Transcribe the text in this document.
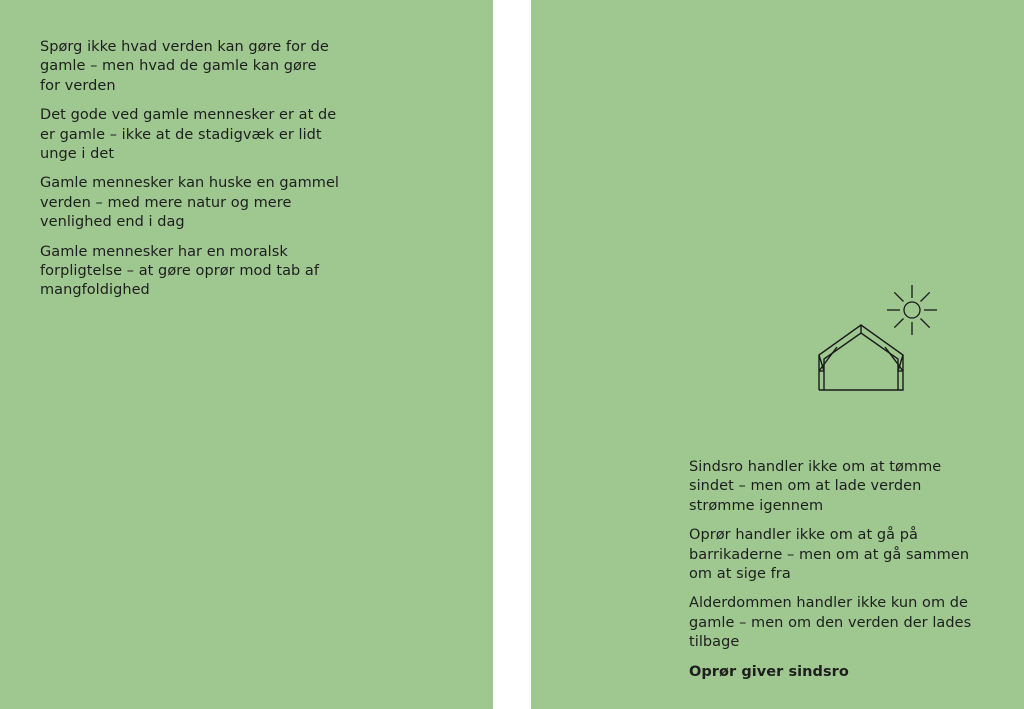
Spørg ikke hvad verden kan gøre for de gamle – men hvad de gamle kan gøre for verden

Det gode ved gamle mennesker er at de er gamle – ikke at de stadigvæk er lidt unge i det

Gamle mennesker kan huske en gammel verden – med mere natur og mere venlighed end i dag

Gamle mennesker har en moralsk forpligtelse – at gøre oprør mod tab af mangfoldighed

Sindsro handler ikke om at tømme sindet – men om at lade verden strømme igennem

Oprør handler ikke om at gå på barrikaderne – men om at gå sammen om at sige fra

Alderdommen handler ikke kun om de gamle – men om den verden der lades tilbage

Oprør giver sindsro
